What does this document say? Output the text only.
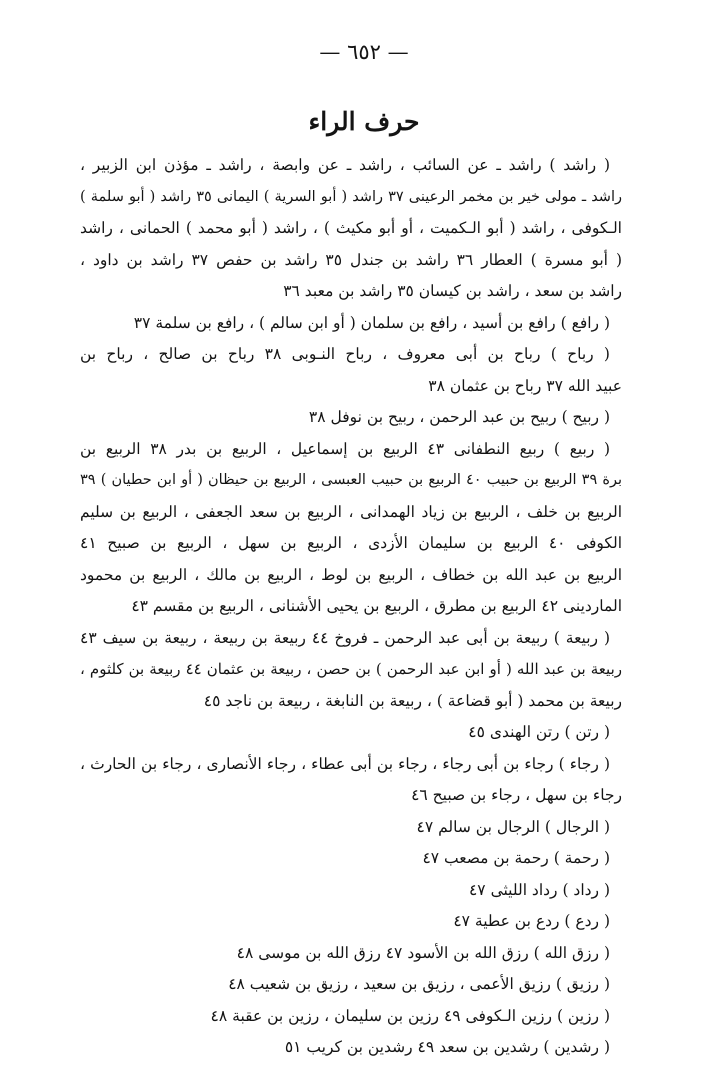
— ٦٥٢ —
حرف الراء
( راشد ) راشد ـ عن السائب ، راشد ـ عن وابصة ، راشد ـ مؤذن ابن الزبير ،
راشد ـ مولى خير بن مخمر الرعينى ٣٧ راشد ( أبو السرية ) اليمانى ٣٥ راشد ( أبو سلمة )
الـكوفى ، راشد ( أبو الـكميت ، أو أبو مكيث ) ، راشد ( أبو محمد ) الحمانى ، راشد
( أبو مسرة ) العطار ٣٦ راشد بن جندل ٣٥ راشد بن حفص ٣٧ راشد بن داود ،
راشد بن سعد ، راشد بن كيسان ٣٥ راشد بن معبد ٣٦
( رافع ) رافع بن أسيد ، رافع بن سلمان ( أو ابن سالم ) ، رافع بن سلمة ٣٧
( رباح ) رباح بن أبى معروف ، رباح النـوبى ٣٨ رباح بن صالح ، رباح بن
عبيد الله ٣٧ رباح بن عثمان ٣٨
( ربيح ) ربيح بن عبد الرحمن ، ربيح بن نوفل ٣٨
( ربيع ) ربيع النطفانى ٤٣ الربيع بن إسماعيل ، الربيع بن بدر ٣٨ الربيع بن
برة ٣٩ الربيع بن حبيب ٤٠ الربيع بن حبيب العبسى ، الربيع بن حيظان ( أو ابن حطيان ) ٣٩
الربيع بن خلف ، الربيع بن زياد الهمدانى ، الربيع بن سعد الجعفى ، الربيع بن سليم
الكوفى ٤٠ الربيع بن سليمان الأزدى ، الربيع بن سهل ، الربيع بن صبيح ٤١
الربيع بن عبد الله بن خطاف ، الربيع بن لوط ، الربيع بن مالك ، الربيع بن محمود
الماردينى ٤٢ الربيع بن مطرق ، الربيع بن يحيى الأشنانى ، الربيع بن مقسم ٤٣
( ربيعة ) ربيعة بن أبى عبد الرحمن ـ فروخ ٤٤ ربيعة بن ربيعة ، ربيعة بن سيف ٤٣
ربيعة بن عبد الله ( أو ابن عبد الرحمن ) بن حصن ، ربيعة بن عثمان ٤٤ ربيعة بن كلثوم ،
ربيعة بن محمد ( أبو قضاعة ) ، ربيعة بن النابغة ، ربيعة بن ناجد ٤٥
( رتن ) رتن الهندى ٤٥
( رجاء ) رجاء بن أبى رجاء ، رجاء بن أبى عطاء ، رجاء الأنصارى ، رجاء بن الحارث ،
رجاء بن سهل ، رجاء بن صبيح ٤٦
( الرجال ) الرجال بن سالم ٤٧
( رحمة ) رحمة بن مصعب ٤٧
( رداد ) رداد الليثى ٤٧
( ردع ) ردع بن عطية ٤٧
( رزق الله ) رزق الله بن الأسود ٤٧ رزق الله بن موسى ٤٨
( رزيق ) رزيق الأعمى ، رزيق بن سعيد ، رزيق بن شعيب ٤٨
( رزين ) رزين الـكوفى ٤٩ رزين بن سليمان ، رزين بن عقبة ٤٨
( رشدين ) رشدين بن سعد ٤٩ رشدين بن كريب ٥١
